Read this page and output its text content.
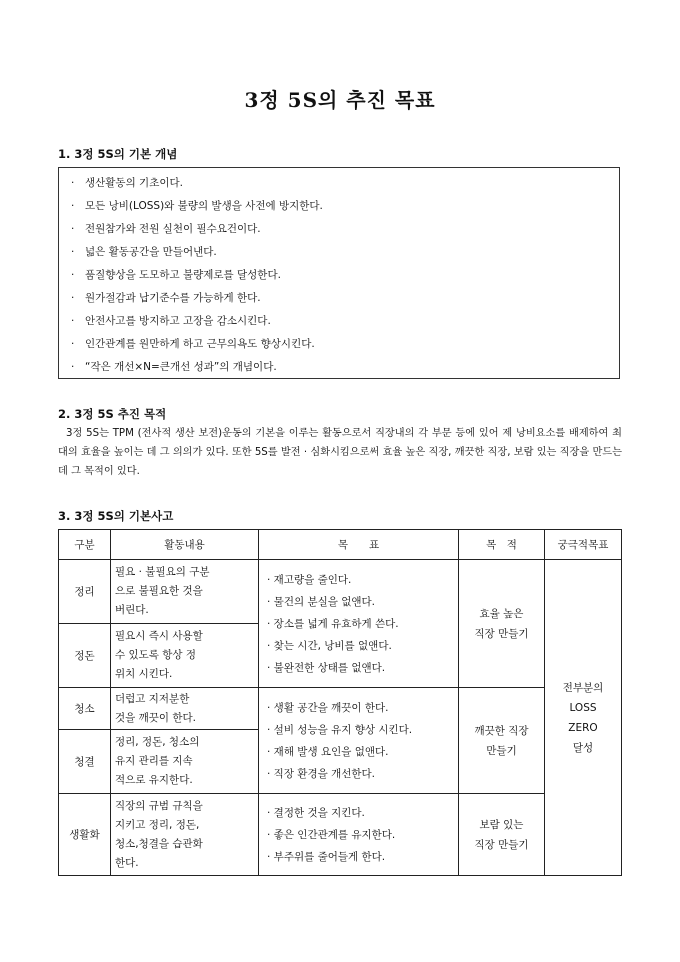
3정 5S의 추진 목표
1. 3정 5S의 기본 개념
· 생산활동의 기초이다.
· 모든 낭비(LOSS)와 불량의 발생을 사전에 방지한다.
· 전원참가와 전원 실천이 필수요건이다.
· 넓은 활동공간을 만들어낸다.
· 품질향상을 도모하고 불량제로를 달성한다.
· 원가절감과 납기준수를 가능하게 한다.
· 안전사고를 방지하고 고장을 감소시킨다.
· 인간관계를 원만하게 하고 근무의욕도 향상시킨다.
· “작은 개선×N=큰개선 성과”의 개념이다.
2. 3정 5S 추진 목적
3정 5S는 TPM (전사적 생산 보전)운동의 기본을 이루는 활동으로서 직장내의 각 부문 등에 있어 제 낭비요소를 배제하여 최대의 효율을 높이는 데 그 의의가 있다. 또한 5S를 발전 · 심화시킴으로써 효율 높은 직장, 깨끗한 직장, 보람 있는 직장을 만드는데 그 목적이 있다.
3. 3정 5S의 기본사고
구분	활동내용	목　　표	목　적	궁극적목표
정리	필요 · 불필요의 구분
으로 불필요한 것을
버린다.	· 재고량을 줄인다.
· 물건의 분실을 없앤다.
· 장소를 넓게 유효하게 쓴다.
· 찾는 시간, 낭비를 없앤다.
· 불완전한 상태를 없앤다.	효율 높은
직장 만들기	전부분의
LOSS
ZERO
달성

정돈	필요시 즉시 사용할
수 있도록 항상 정
위치 시킨다.			

청소	더럽고 지저분한
것을 깨끗이 한다.	· 생활 공간을 깨끗이 한다.
· 설비 성능을 유지 향상 시킨다.
· 재해 발생 요인을 없앤다.
· 직장 환경을 개선한다.	깨끗한 직장
만들기	

청결	정리, 정돈, 청소의
유지 관리를 지속
적으로 유지한다.			

생활화	직장의 규범 규칙을
지키고 정리, 정돈,
청소,청결을 습관화
한다.	· 결정한 것을 지킨다.
· 좋은 인간관계를 유지한다.
· 부주위를 줄어들게 한다.	보람 있는
직장 만들기	
